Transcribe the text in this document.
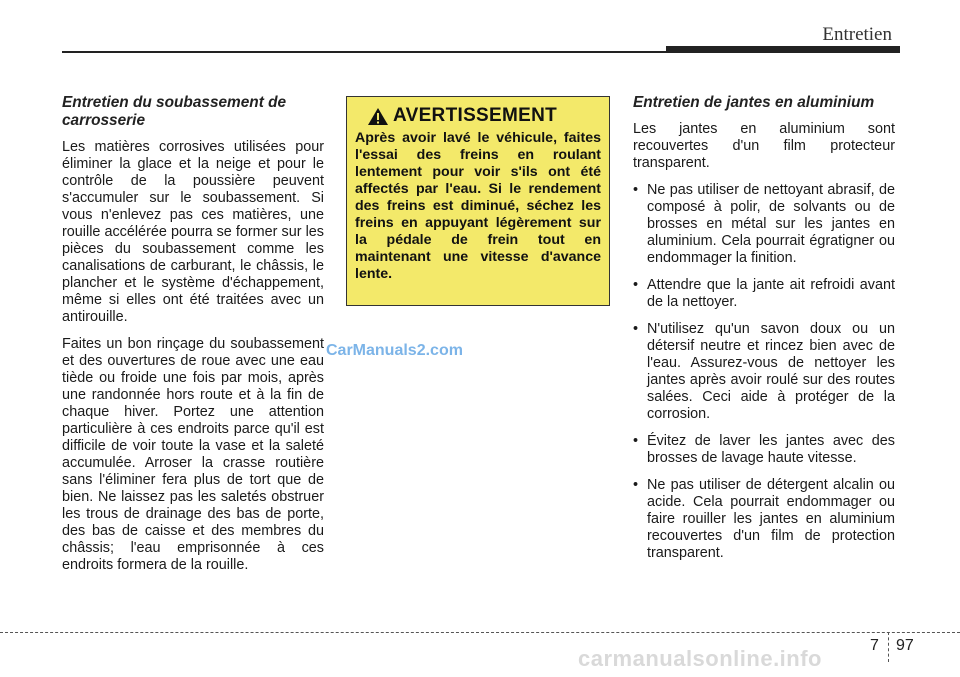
Entretien
Entretien du soubassement de carrosserie

Les matières corrosives utilisées pour éliminer la glace et la neige et pour le contrôle de la poussière peuvent s'accumuler sur le soubassement. Si vous n'enlevez pas ces matières, une rouille accélérée pourra se former sur les pièces du soubassement comme les canalisations de carburant, le châssis, le plancher et le système d'échappement, même si elles ont été traitées avec un antirouille.

Faites un bon rinçage du soubassement et des ouvertures de roue avec une eau tiède ou froide une fois par mois, après une randonnée hors route et à la fin de chaque hiver. Portez une attention particulière à ces endroits parce qu'il est difficile de voir toute la vase et la saleté accumulée. Arroser la crasse routière sans l'éliminer fera plus de tort que de bien. Ne laissez pas les saletés obstruer les trous de drainage des bas de porte, des bas de caisse et des membres du châssis; l'eau emprisonnée à ces endroits formera de la rouille.

AVERTISSEMENT
Après avoir lavé le véhicule, faites l'essai des freins en roulant lentement pour voir s'ils ont été affectés par l'eau. Si le rendement des freins est diminué, séchez les freins en appuyant légèrement sur la pédale de frein tout en maintenant une vitesse d'avance lente.
CarManuals2.com
Entretien de jantes en aluminium

Les jantes en aluminium sont recouvertes d'un film protecteur transparent.

• Ne pas utiliser de nettoyant abrasif, de composé à polir, de solvants ou de brosses en métal sur les jantes en aluminium. Cela pourrait égratigner ou endommager la finition.
• Attendre que la jante ait refroidi avant de la nettoyer.
• N'utilisez qu'un savon doux ou un détersif neutre et rincez bien avec de l'eau. Assurez-vous de nettoyer les jantes après avoir roulé sur des routes salées. Ceci aide à protéger de la corrosion.
• Évitez de laver les jantes avec des brosses de lavage haute vitesse.
• Ne pas utiliser de détergent alcalin ou acide. Cela pourrait endommager ou faire rouiller les jantes en aluminium recouvertes d'un film de protection transparent.
7 97
carmanualsonline.info
